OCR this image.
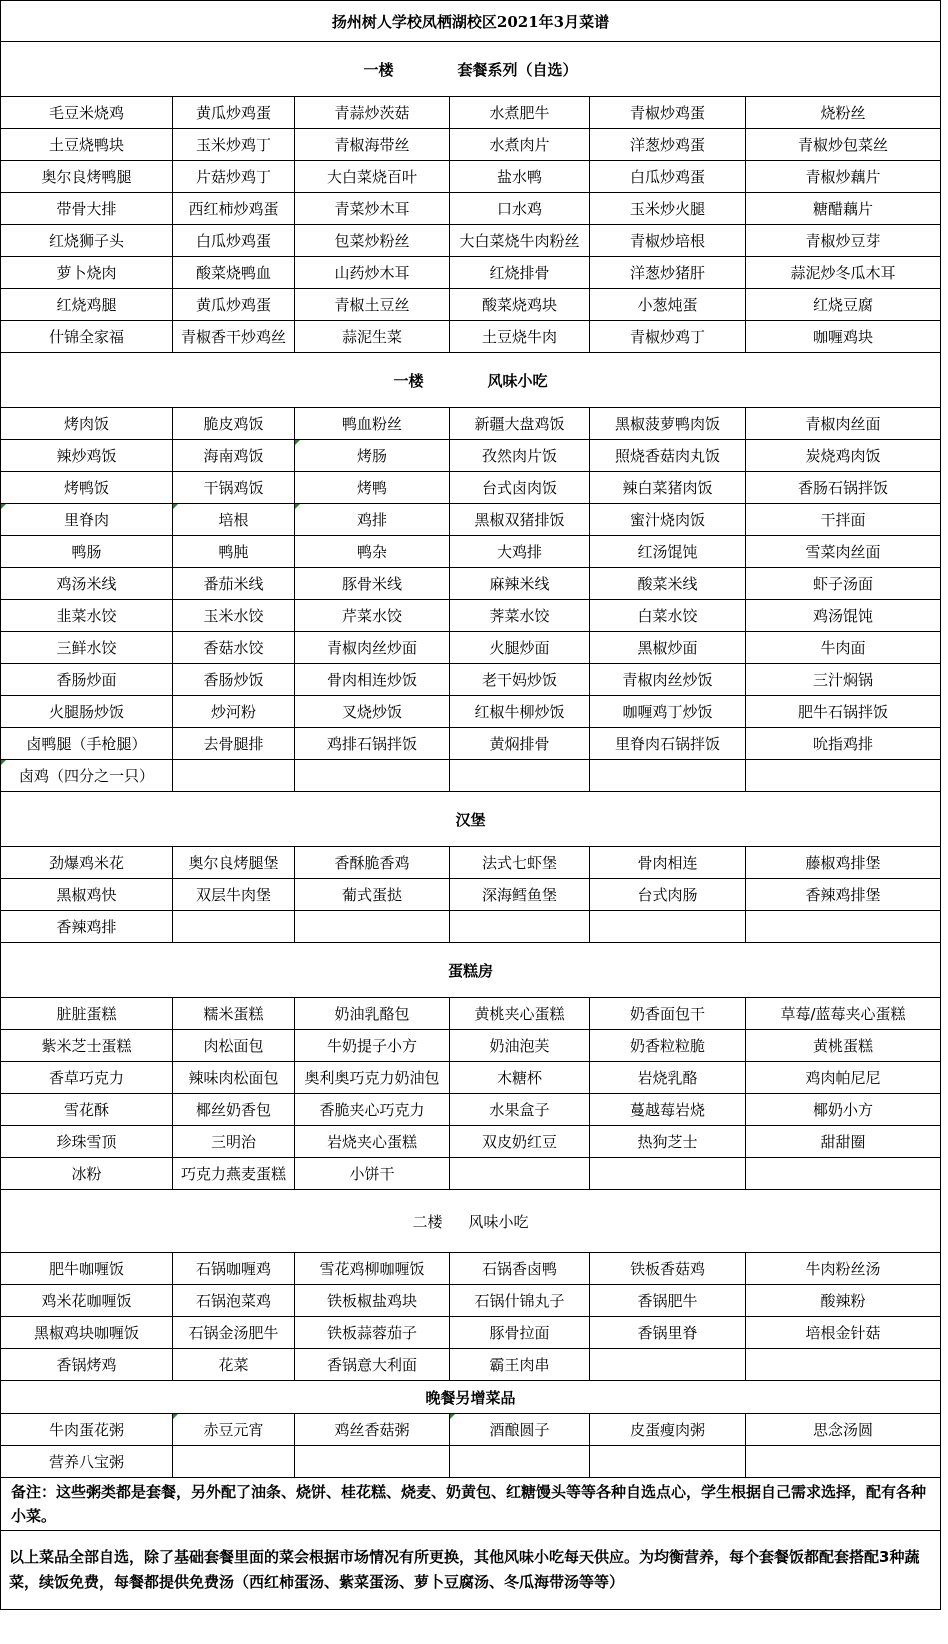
扬州树人学校凤栖湖校区2021年3月菜谱					
一楼 套餐系列（自选）					
毛豆米烧鸡	黄瓜炒鸡蛋	青蒜炒茨菇	水煮肥牛	青椒炒鸡蛋	烧粉丝
土豆烧鸭块	玉米炒鸡丁	青椒海带丝	水煮肉片	洋葱炒鸡蛋	青椒炒包菜丝
奥尔良烤鸭腿	片菇炒鸡丁	大白菜烧百叶	盐水鸭	白瓜炒鸡蛋	青椒炒藕片
带骨大排	西红柿炒鸡蛋	青菜炒木耳	口水鸡	玉米炒火腿	糖醋藕片
红烧狮子头	白瓜炒鸡蛋	包菜炒粉丝	大白菜烧牛肉粉丝	青椒炒培根	青椒炒豆芽
萝卜烧肉	酸菜烧鸭血	山药炒木耳	红烧排骨	洋葱炒猪肝	蒜泥炒冬瓜木耳
红烧鸡腿	黄瓜炒鸡蛋	青椒土豆丝	酸菜烧鸡块	小葱炖蛋	红烧豆腐
什锦全家福	青椒香干炒鸡丝	蒜泥生菜	土豆烧牛肉	青椒炒鸡丁	咖喱鸡块
一楼 风味小吃					
烤肉饭	脆皮鸡饭	鸭血粉丝	新疆大盘鸡饭	黑椒菠萝鸭肉饭	青椒肉丝面
辣炒鸡饭	海南鸡饭	烤肠	孜然肉片饭	照烧香菇肉丸饭	炭烧鸡肉饭
烤鸭饭	干锅鸡饭	烤鸭	台式卤肉饭	辣白菜猪肉饭	香肠石锅拌饭
里脊肉	培根	鸡排	黑椒双猪排饭	蜜汁烧肉饭	干拌面
鸭肠	鸭肫	鸭杂	大鸡排	红汤馄饨	雪菜肉丝面
鸡汤米线	番茄米线	豚骨米线	麻辣米线	酸菜米线	虾子汤面
韭菜水饺	玉米水饺	芹菜水饺	荠菜水饺	白菜水饺	鸡汤馄饨
三鲜水饺	香菇水饺	青椒肉丝炒面	火腿炒面	黑椒炒面	牛肉面
香肠炒面	香肠炒饭	骨肉相连炒饭	老干妈炒饭	青椒肉丝炒饭	三汁焖锅
火腿肠炒饭	炒河粉	叉烧炒饭	红椒牛柳炒饭	咖喱鸡丁炒饭	肥牛石锅拌饭
卤鸭腿（手枪腿）	去骨腿排	鸡排石锅拌饭	黄焖排骨	里脊肉石锅拌饭	吮指鸡排
卤鸡（四分之一只）					
汉堡					
劲爆鸡米花	奥尔良烤腿堡	香酥脆香鸡	法式七虾堡	骨肉相连	藤椒鸡排堡
黑椒鸡快	双层牛肉堡	葡式蛋挞	深海鳕鱼堡	台式肉肠	香辣鸡排堡
香辣鸡排					
蛋糕房					
脏脏蛋糕	糯米蛋糕	奶油乳酪包	黄桃夹心蛋糕	奶香面包干	草莓/蓝莓夹心蛋糕
紫米芝士蛋糕	肉松面包	牛奶提子小方	奶油泡芙	奶香粒粒脆	黄桃蛋糕
香草巧克力	辣味肉松面包	奥利奥巧克力奶油包	木糖杯	岩烧乳酪	鸡肉帕尼尼
雪花酥	椰丝奶香包	香脆夹心巧克力	水果盒子	蔓越莓岩烧	椰奶小方
珍珠雪顶	三明治	岩烧夹心蛋糕	双皮奶红豆	热狗芝士	甜甜圈
冰粉	巧克力燕麦蛋糕	小饼干			
二楼 风味小吃					
肥牛咖喱饭	石锅咖喱鸡	雪花鸡柳咖喱饭	石锅香卤鸭	铁板香菇鸡	牛肉粉丝汤
鸡米花咖喱饭	石锅泡菜鸡	铁板椒盐鸡块	石锅什锦丸子	香锅肥牛	酸辣粉
黑椒鸡块咖喱饭	石锅金汤肥牛	铁板蒜蓉茄子	豚骨拉面	香锅里脊	培根金针菇
香锅烤鸡	花菜	香锅意大利面	霸王肉串		
晚餐另增菜品					
牛肉蛋花粥	赤豆元宵	鸡丝香菇粥	酒酿圆子	皮蛋瘦肉粥	思念汤圆
营养八宝粥					
备注：这些粥类都是套餐，另外配了油条、烧饼、桂花糕、烧麦、奶黄包、红糖馒头等等各种自选点心，学生根据自己需求选择，配有各种小菜。					
以上菜品全部自选，除了基础套餐里面的菜会根据市场情况有所更换，其他风味小吃每天供应。为均衡营养，每个套餐饭都配套搭配3种蔬菜，续饭免费，每餐都提供免费汤（西红柿蛋汤、紫菜蛋汤、萝卜豆腐汤、冬瓜海带汤等等）					
